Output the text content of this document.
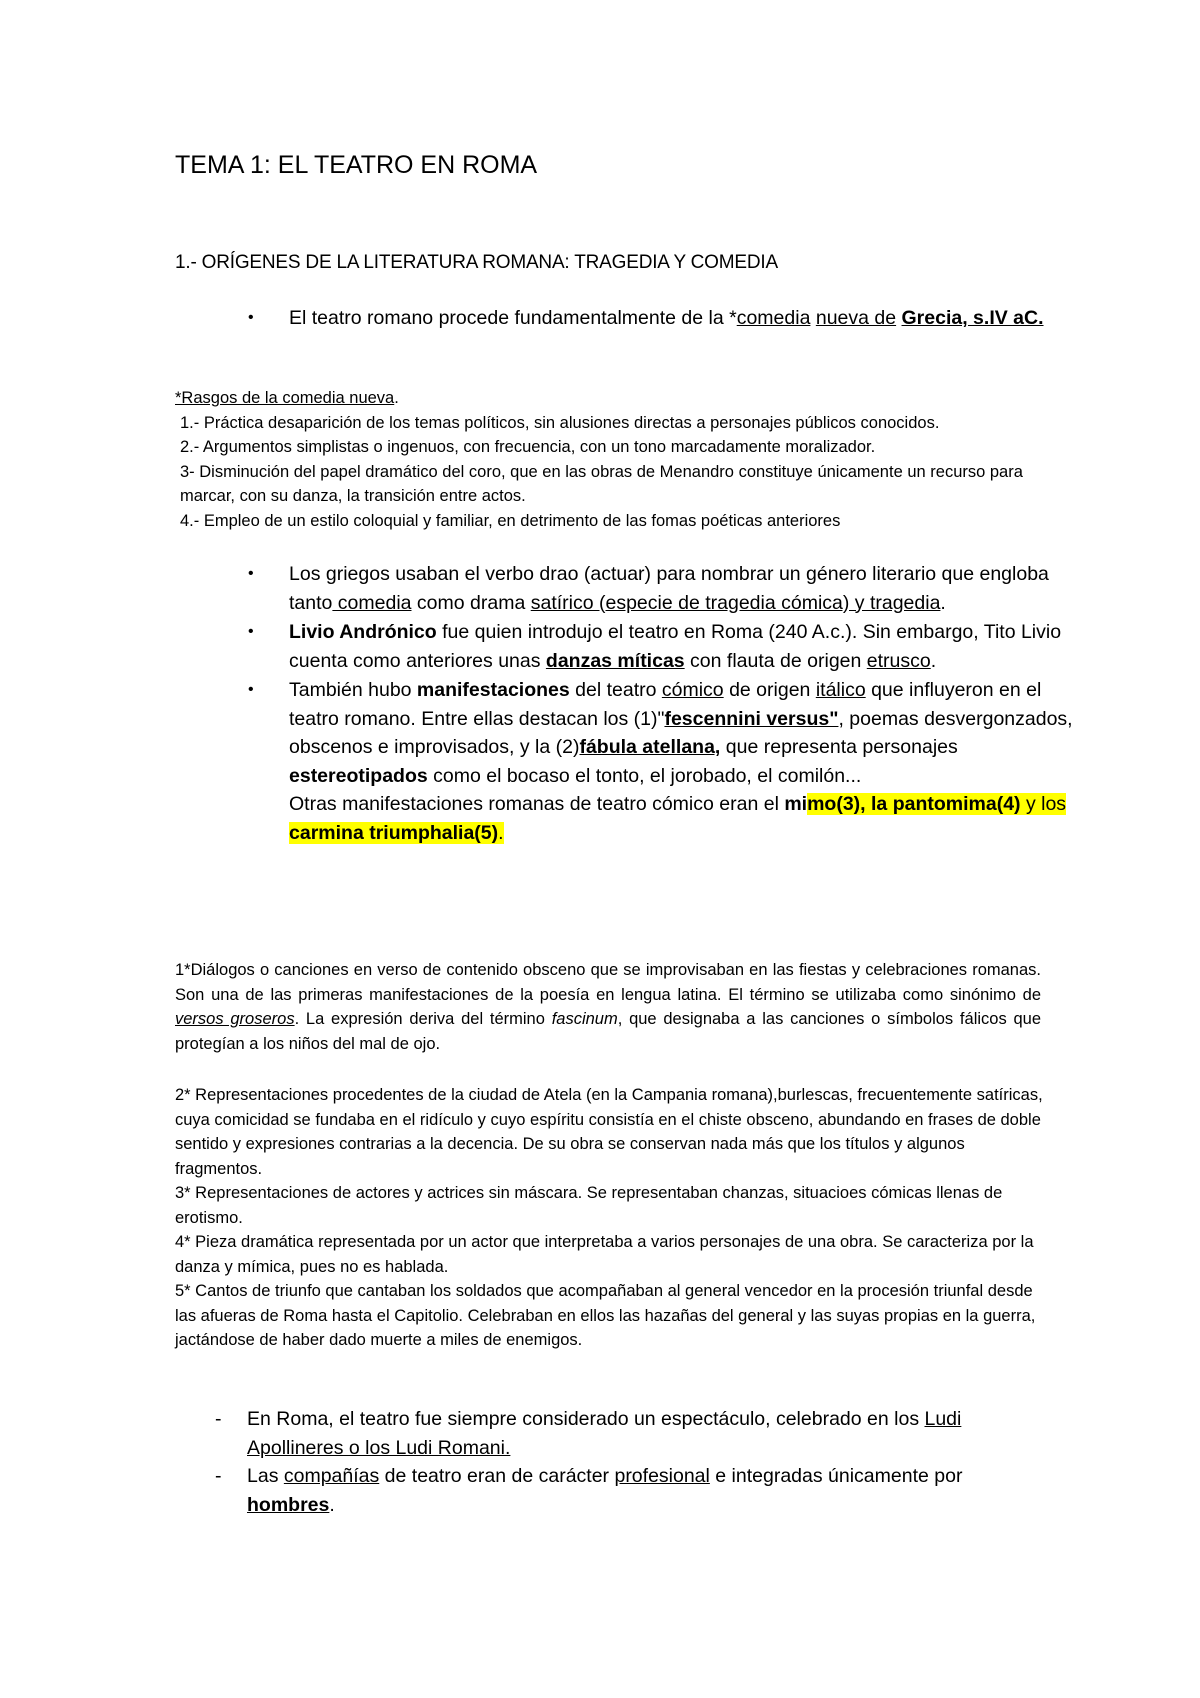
TEMA 1: EL TEATRO EN ROMA
1.- ORÍGENES DE LA LITERATURA ROMANA: TRAGEDIA Y COMEDIA
• El teatro romano procede fundamentalmente de la *comedia nueva de Grecia, s.IV aC.
*Rasgos de la comedia nueva.
1.- Práctica desaparición de los temas políticos, sin alusiones directas a personajes públicos conocidos.
2.- Argumentos simplistas o ingenuos, con frecuencia, con un tono marcadamente moralizador.
3- Disminución del papel dramático del coro, que en las obras de Menandro constituye únicamente un recurso para marcar, con su danza, la transición entre actos.
4.- Empleo de un estilo coloquial y familiar, en detrimento de las fomas poéticas anteriores
• Los griegos usaban el verbo drao (actuar) para nombrar un género literario que engloba tanto comedia como drama satírico (especie de tragedia cómica) y tragedia.
• Livio Andrónico fue quien introdujo el teatro en Roma (240 A.c.). Sin embargo, Tito Livio cuenta como anteriores unas danzas míticas con flauta de origen etrusco.
• También hubo manifestaciones del teatro cómico de origen itálico que influyeron en el teatro romano. Entre ellas destacan los (1)"fescennini versus", poemas desvergonzados, obscenos e improvisados, y la (2)fábula atellana, que representa personajes estereotipados como el bocaso el tonto, el jorobado, el comilón...
Otras manifestaciones romanas de teatro cómico eran el mimo(3), la pantomima(4) y los carmina triumphalia(5).

1*Diálogos o canciones en verso de contenido obsceno que se improvisaban en las fiestas y celebraciones romanas. Son una de las primeras manifestaciones de la poesía en lengua latina. El término se utilizaba como sinónimo de versos groseros. La expresión deriva del término fascinum, que designaba a las canciones o símbolos fálicos que protegían a los niños del mal de ojo.

2* Representaciones procedentes de la ciudad de Atela (en la Campania romana),burlescas, frecuentemente satíricas, cuya comicidad se fundaba en el ridículo y cuyo espíritu consistía en el chiste obsceno, abundando en frases de doble sentido y expresiones contrarias a la decencia. De su obra se conservan nada más que los títulos y algunos fragmentos.
3* Representaciones de actores y actrices sin máscara. Se representaban chanzas, situacioes cómicas llenas de erotismo.
4* Pieza dramática representada por un actor que interpretaba a varios personajes de una obra. Se caracteriza por la danza y mímica, pues no es hablada.
5* Cantos de triunfo que cantaban los soldados que acompañaban al general vencedor en la procesión triunfal desde las afueras de Roma hasta el Capitolio. Celebraban en ellos las hazañas del general y las suyas propias en la guerra, jactándose de haber dado muerte a miles de enemigos.
- En Roma, el teatro fue siempre considerado un espectáculo, celebrado en los Ludi Apollineres o los Ludi Romani.
- Las compañías de teatro eran de carácter profesional e integradas únicamente por hombres.
